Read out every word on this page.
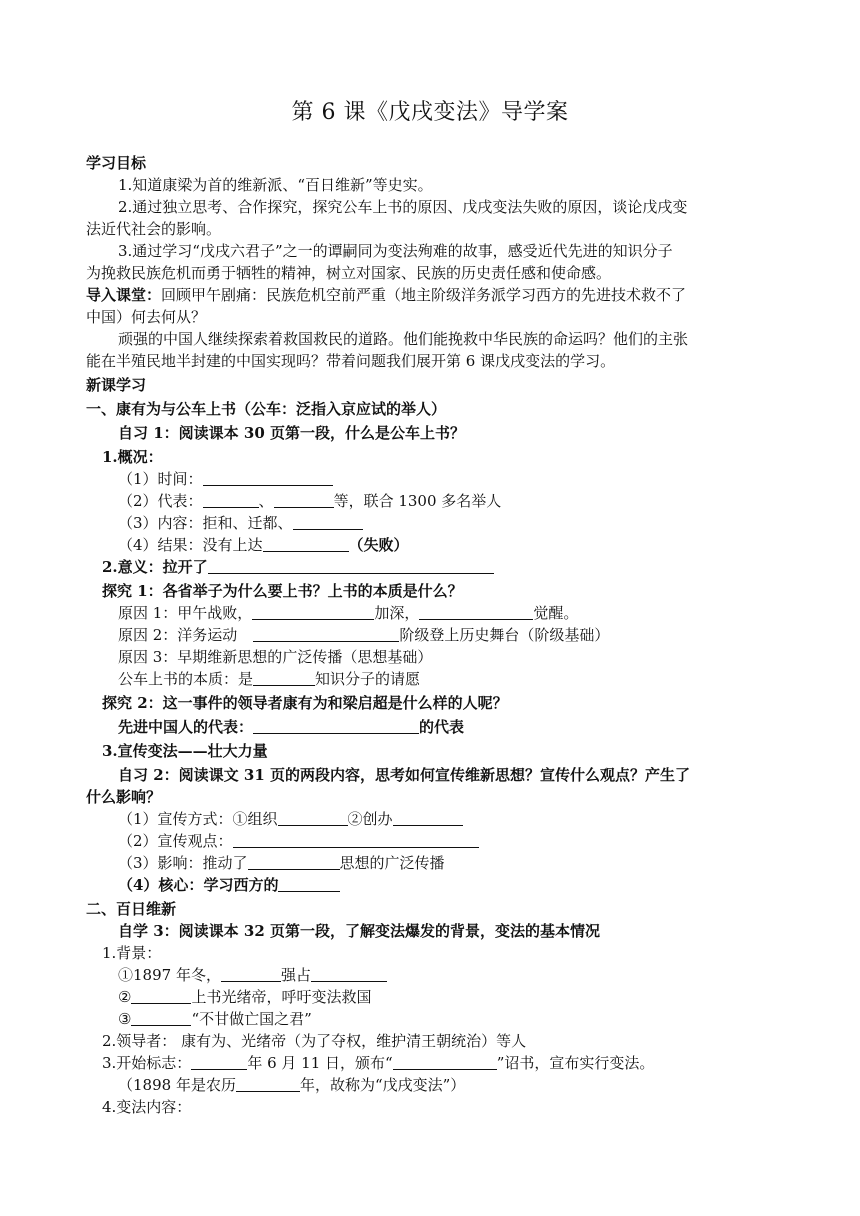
第 6 课《戊戌变法》导学案
学习目标
1.知道康梁为首的维新派、“百日维新”等史实。
2.通过独立思考、合作探究，探究公车上书的原因、戊戌变法失败的原因，谈论戊戌变
法近代社会的影响。
3.通过学习“戊戌六君子”之一的谭嗣同为变法殉难的故事，感受近代先进的知识分子
为挽救民族危机而勇于牺牲的精神，树立对国家、民族的历史责任感和使命感。
导入课堂：回顾甲午剧痛：民族危机空前严重（地主阶级洋务派学习西方的先进技术救不了
中国）何去何从？
顽强的中国人继续探索着救国救民的道路。他们能挽救中华民族的命运吗？他们的主张
能在半殖民地半封建的中国实现吗？带着问题我们展开第 6 课戊戌变法的学习。
新课学习
一、康有为与公车上书（公车：泛指入京应试的举人）
自习 1：阅读课本 30 页第一段，什么是公车上书？
1.概况：
（1）时间：
（2）代表：	、	等，联合 1300 多名举人
（3）内容：拒和、迁都、
（4）结果：没有上达	（失败）
2.意义：拉开了
探究 1：各省举子为什么要上书？上书的本质是什么？
原因 1：甲午战败，	加深，	觉醒。
原因 2：洋务运动	阶级登上历史舞台（阶级基础）
原因 3：早期维新思想的广泛传播（思想基础）
公车上书的本质：是	知识分子的请愿
探究 2：这一事件的领导者康有为和梁启超是什么样的人呢？
先进中国人的代表：	的代表
3.宣传变法——壮大力量
自习 2：阅读课文 31 页的两段内容，思考如何宣传维新思想？宣传什么观点？产生了
什么影响？
（1）宣传方式：①组织	②创办
（2）宣传观点：
（3）影响：推动了	思想的广泛传播
（4）核心：学习西方的
二、百日维新
自学 3：阅读课本 32 页第一段，了解变法爆发的背景，变法的基本情况
1.背景：
①1897 年冬，	强占
②	上书光绪帝，呼吁变法救国
③	“不甘做亡国之君”
2.领导者： 康有为、光绪帝（为了夺权，维护清王朝统治）等人
3.开始标志：	年 6 月 11 日，颁布“	”诏书，宣布实行变法。
（1898 年是农历	年，故称为“戊戌变法”）
4.变法内容：
